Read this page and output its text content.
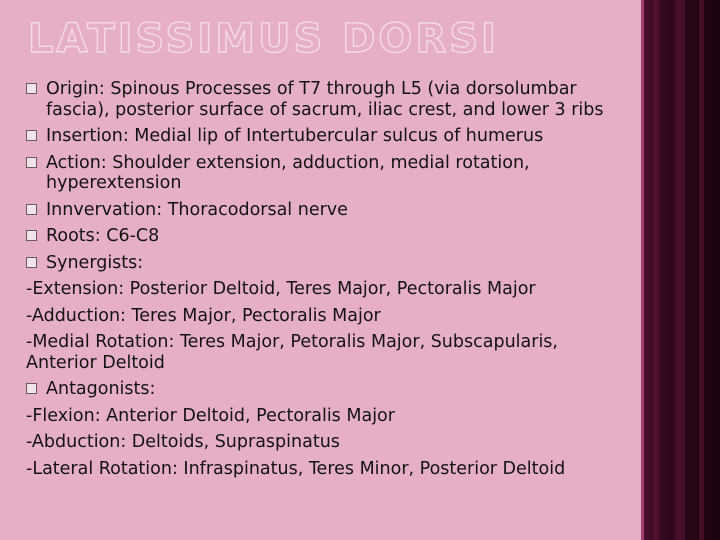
LATISSIMUS DORSI

Origin: Spinous Processes of T7 through L5 (via dorsolumbar fascia), posterior surface of sacrum, iliac crest, and lower 3 ribs

Insertion: Medial lip of Intertubercular sulcus of humerus

Action: Shoulder extension, adduction, medial rotation, hyperextension

Innvervation: Thoracodorsal nerve

Roots: C6-C8

Synergists:

-Extension: Posterior Deltoid, Teres Major, Pectoralis Major

-Adduction: Teres Major, Pectoralis Major

-Medial Rotation: Teres Major, Petoralis Major, Subscapularis, Anterior Deltoid

Antagonists:

-Flexion: Anterior Deltoid, Pectoralis Major

-Abduction: Deltoids, Supraspinatus

-Lateral Rotation: Infraspinatus, Teres Minor, Posterior Deltoid
